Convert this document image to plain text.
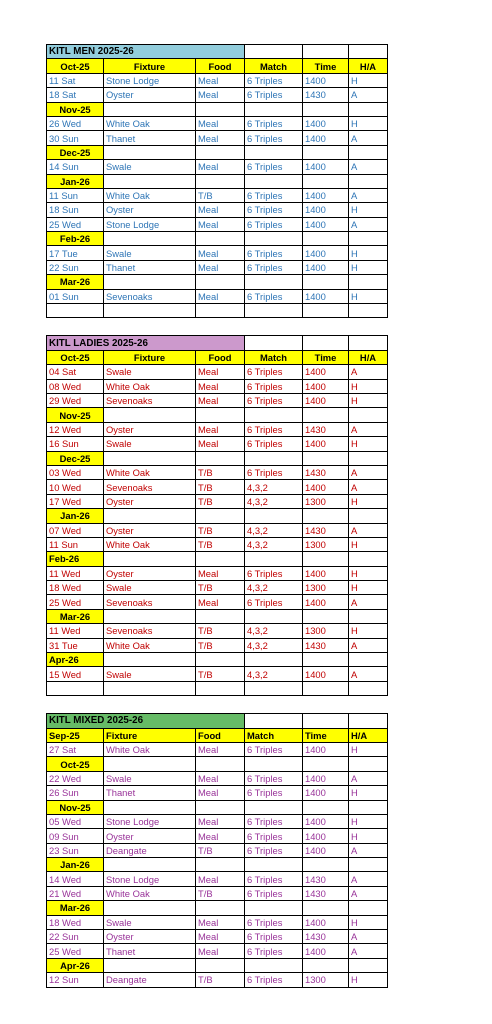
KITL MEN 2025-26					
Oct-25	Fixture	Food	Match	Time	H/A
11 Sat	Stone Lodge	Meal	6 Triples	1400	H
18 Sat	Oyster	Meal	6 Triples	1430	A
Nov-25					
26 Wed	White Oak	Meal	6 Triples	1400	H
30 Sun	Thanet	Meal	6 Triples	1400	A
Dec-25					
14 Sun	Swale	Meal	6 Triples	1400	A
Jan-26					
11 Sun	White Oak	T/B	6 Triples	1400	A
18 Sun	Oyster	Meal	6 Triples	1400	H
25 Wed	Stone Lodge	Meal	6 Triples	1400	A
Feb-26					
17 Tue	Swale	Meal	6 Triples	1400	H
22 Sun	Thanet	Meal	6 Triples	1400	H
Mar-26					
01 Sun	Sevenoaks	Meal	6 Triples	1400	H

KITL LADIES 2025-26					
Oct-25	Fixture	Food	Match	Time	H/A
04 Sat	Swale	Meal	6 Triples	1400	A
08 Wed	White Oak	Meal	6 Triples	1400	H
29 Wed	Sevenoaks	Meal	6 Triples	1400	H
Nov-25					
12 Wed	Oyster	Meal	6 Triples	1430	A
16 Sun	Swale	Meal	6 Triples	1400	H
Dec-25					
03 Wed	White Oak	T/B	6 Triples	1430	A
10 Wed	Sevenoaks	T/B	4,3,2	1400	A
17 Wed	Oyster	T/B	4,3,2	1300	H
Jan-26					
07 Wed	Oyster	T/B	4,3,2	1430	A
11 Sun	White Oak	T/B	4,3,2	1300	H
Feb-26					
11 Wed	Oyster	Meal	6 Triples	1400	H
18 Wed	Swale	T/B	4,3,2	1300	H
25 Wed	Sevenoaks	Meal	6 Triples	1400	A
Mar-26					
11 Wed	Sevenoaks	T/B	4,3,2	1300	H
31 Tue	White Oak	T/B	4,3,2	1430	A
Apr-26					
15 Wed	Swale	T/B	4,3,2	1400	A

KITL MIXED 2025-26					
Sep-25	Fixture	Food	Match	Time	H/A
27 Sat	White Oak	Meal	6 Triples	1400	H
Oct-25					
22 Wed	Swale	Meal	6 Triples	1400	A
26 Sun	Thanet	Meal	6 Triples	1400	H
Nov-25					
05 Wed	Stone Lodge	Meal	6 Triples	1400	H
09 Sun	Oyster	Meal	6 Triples	1400	H
23 Sun	Deangate	T/B	6 Triples	1400	A
Jan-26					
14 Wed	Stone Lodge	Meal	6 Triples	1430	A
21 Wed	White Oak	T/B	6 Triples	1430	A
Mar-26					
18 Wed	Swale	Meal	6 Triples	1400	H
22 Sun	Oyster	Meal	6 Triples	1430	A
25 Wed	Thanet	Meal	6 Triples	1400	A
Apr-26					
12 Sun	Deangate	T/B	6 Triples	1300	H
